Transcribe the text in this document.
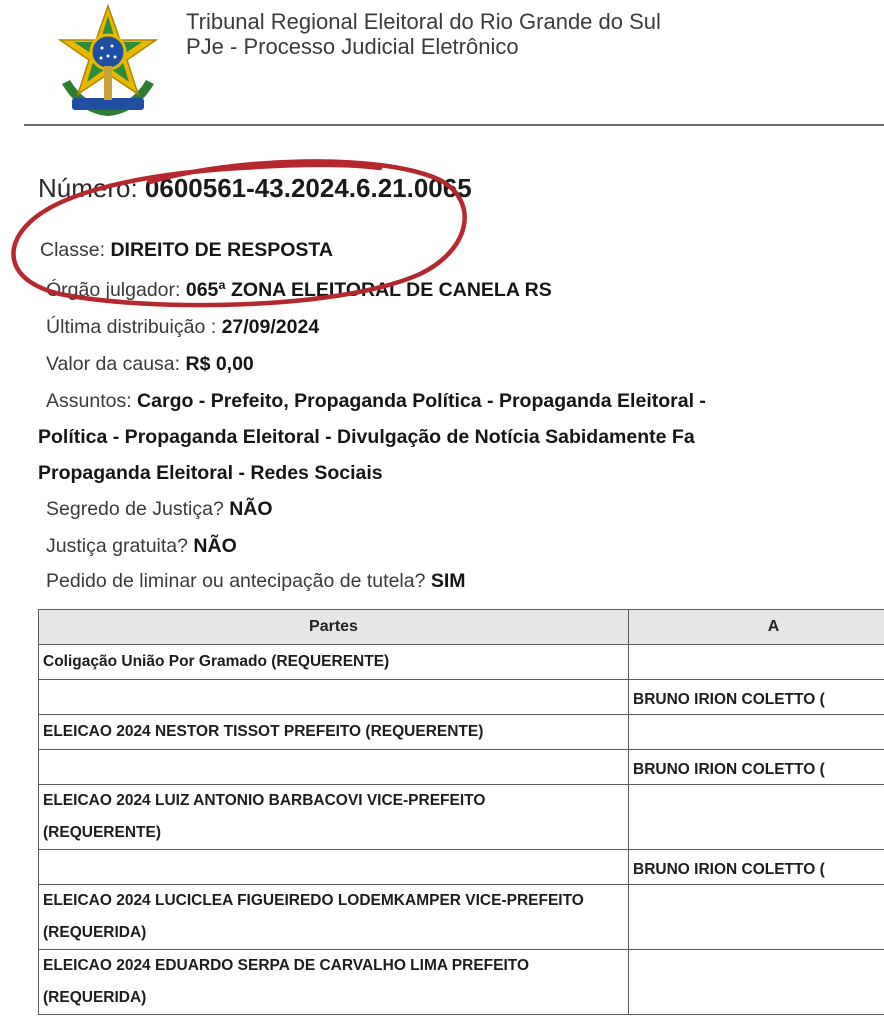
Tribunal Regional Eleitoral do Rio Grande do Sul
PJe - Processo Judicial Eletrônico
Número: 0600561-43.2024.6.21.0065
Classe: DIREITO DE RESPOSTA
Órgão julgador: 065ª ZONA ELEITORAL DE CANELA RS
Última distribuição : 27/09/2024
Valor da causa: R$ 0,00
Assuntos: Cargo - Prefeito, Propaganda Política - Propaganda Eleitoral -
Política - Propaganda Eleitoral - Divulgação de Notícia Sabidamente Fa
Propaganda Eleitoral - Redes Sociais
Segredo de Justiça? NÃO
Justiça gratuita? NÃO
Pedido de liminar ou antecipação de tutela? SIM
Partes	A
Coligação União Por Gramado (REQUERENTE)	
	BRUNO IRION COLETTO (
ELEICAO 2024 NESTOR TISSOT PREFEITO (REQUERENTE)	
	BRUNO IRION COLETTO (
ELEICAO 2024 LUIZ ANTONIO BARBACOVI VICE-PREFEITO (REQUERENTE)	
	BRUNO IRION COLETTO (
ELEICAO 2024 LUCICLEA FIGUEIREDO LODEMKAMPER VICE-PREFEITO (REQUERIDA)	
ELEICAO 2024 EDUARDO SERPA DE CARVALHO LIMA PREFEITO (REQUERIDA)	
